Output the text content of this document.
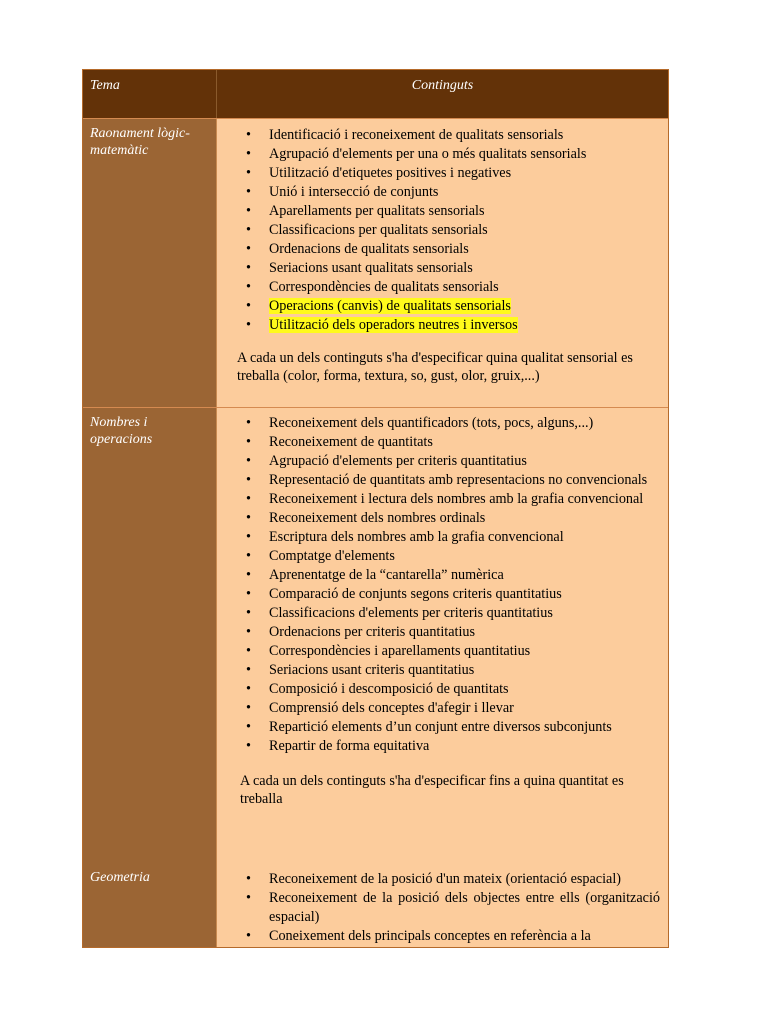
Tema	Continguts
Raonament lògic-matemàtic
• Identificació i reconeixement de qualitats sensorials
• Agrupació d'elements per una o més qualitats sensorials
• Utilització d'etiquetes positives i negatives
• Unió i intersecció de conjunts
• Aparellaments per qualitats sensorials
• Classificacions per qualitats sensorials
• Ordenacions de qualitats sensorials
• Seriacions usant qualitats sensorials
• Correspondències de qualitats sensorials
• Operacions (canvis) de qualitats sensorials
• Utilització dels operadors neutres i inversos

A cada un dels continguts s'ha d'especificar quina qualitat sensorial es treballa (color, forma, textura, so, gust, olor, gruix,...)

Nombres i operacions
• Reconeixement dels quantificadors (tots, pocs, alguns,...)
• Reconeixement de quantitats
• Agrupació d'elements per criteris quantitatius
• Representació de quantitats amb representacions no convencionals
• Reconeixement i lectura dels nombres amb la grafia convencional
• Reconeixement dels nombres ordinals
• Escriptura dels nombres amb la grafia convencional
• Comptatge d'elements
• Aprenentatge de la “cantarella” numèrica
• Comparació de conjunts segons criteris quantitatius
• Classificacions d'elements per criteris quantitatius
• Ordenacions per criteris quantitatius
• Correspondències i aparellaments quantitatius
• Seriacions usant criteris quantitatius
• Composició i descomposició de quantitats
• Comprensió dels conceptes d'afegir i llevar
• Repartició elements d’un conjunt entre diversos subconjunts
• Repartir de forma equitativa

A cada un dels continguts s'ha d'especificar fins a quina quantitat es treballa

Geometria	• Reconeixement de la posició d'un mateix (orientació espacial)
• Reconeixement de la posició dels objectes entre ells (organització espacial)
• Coneixement dels principals conceptes en referència a la
